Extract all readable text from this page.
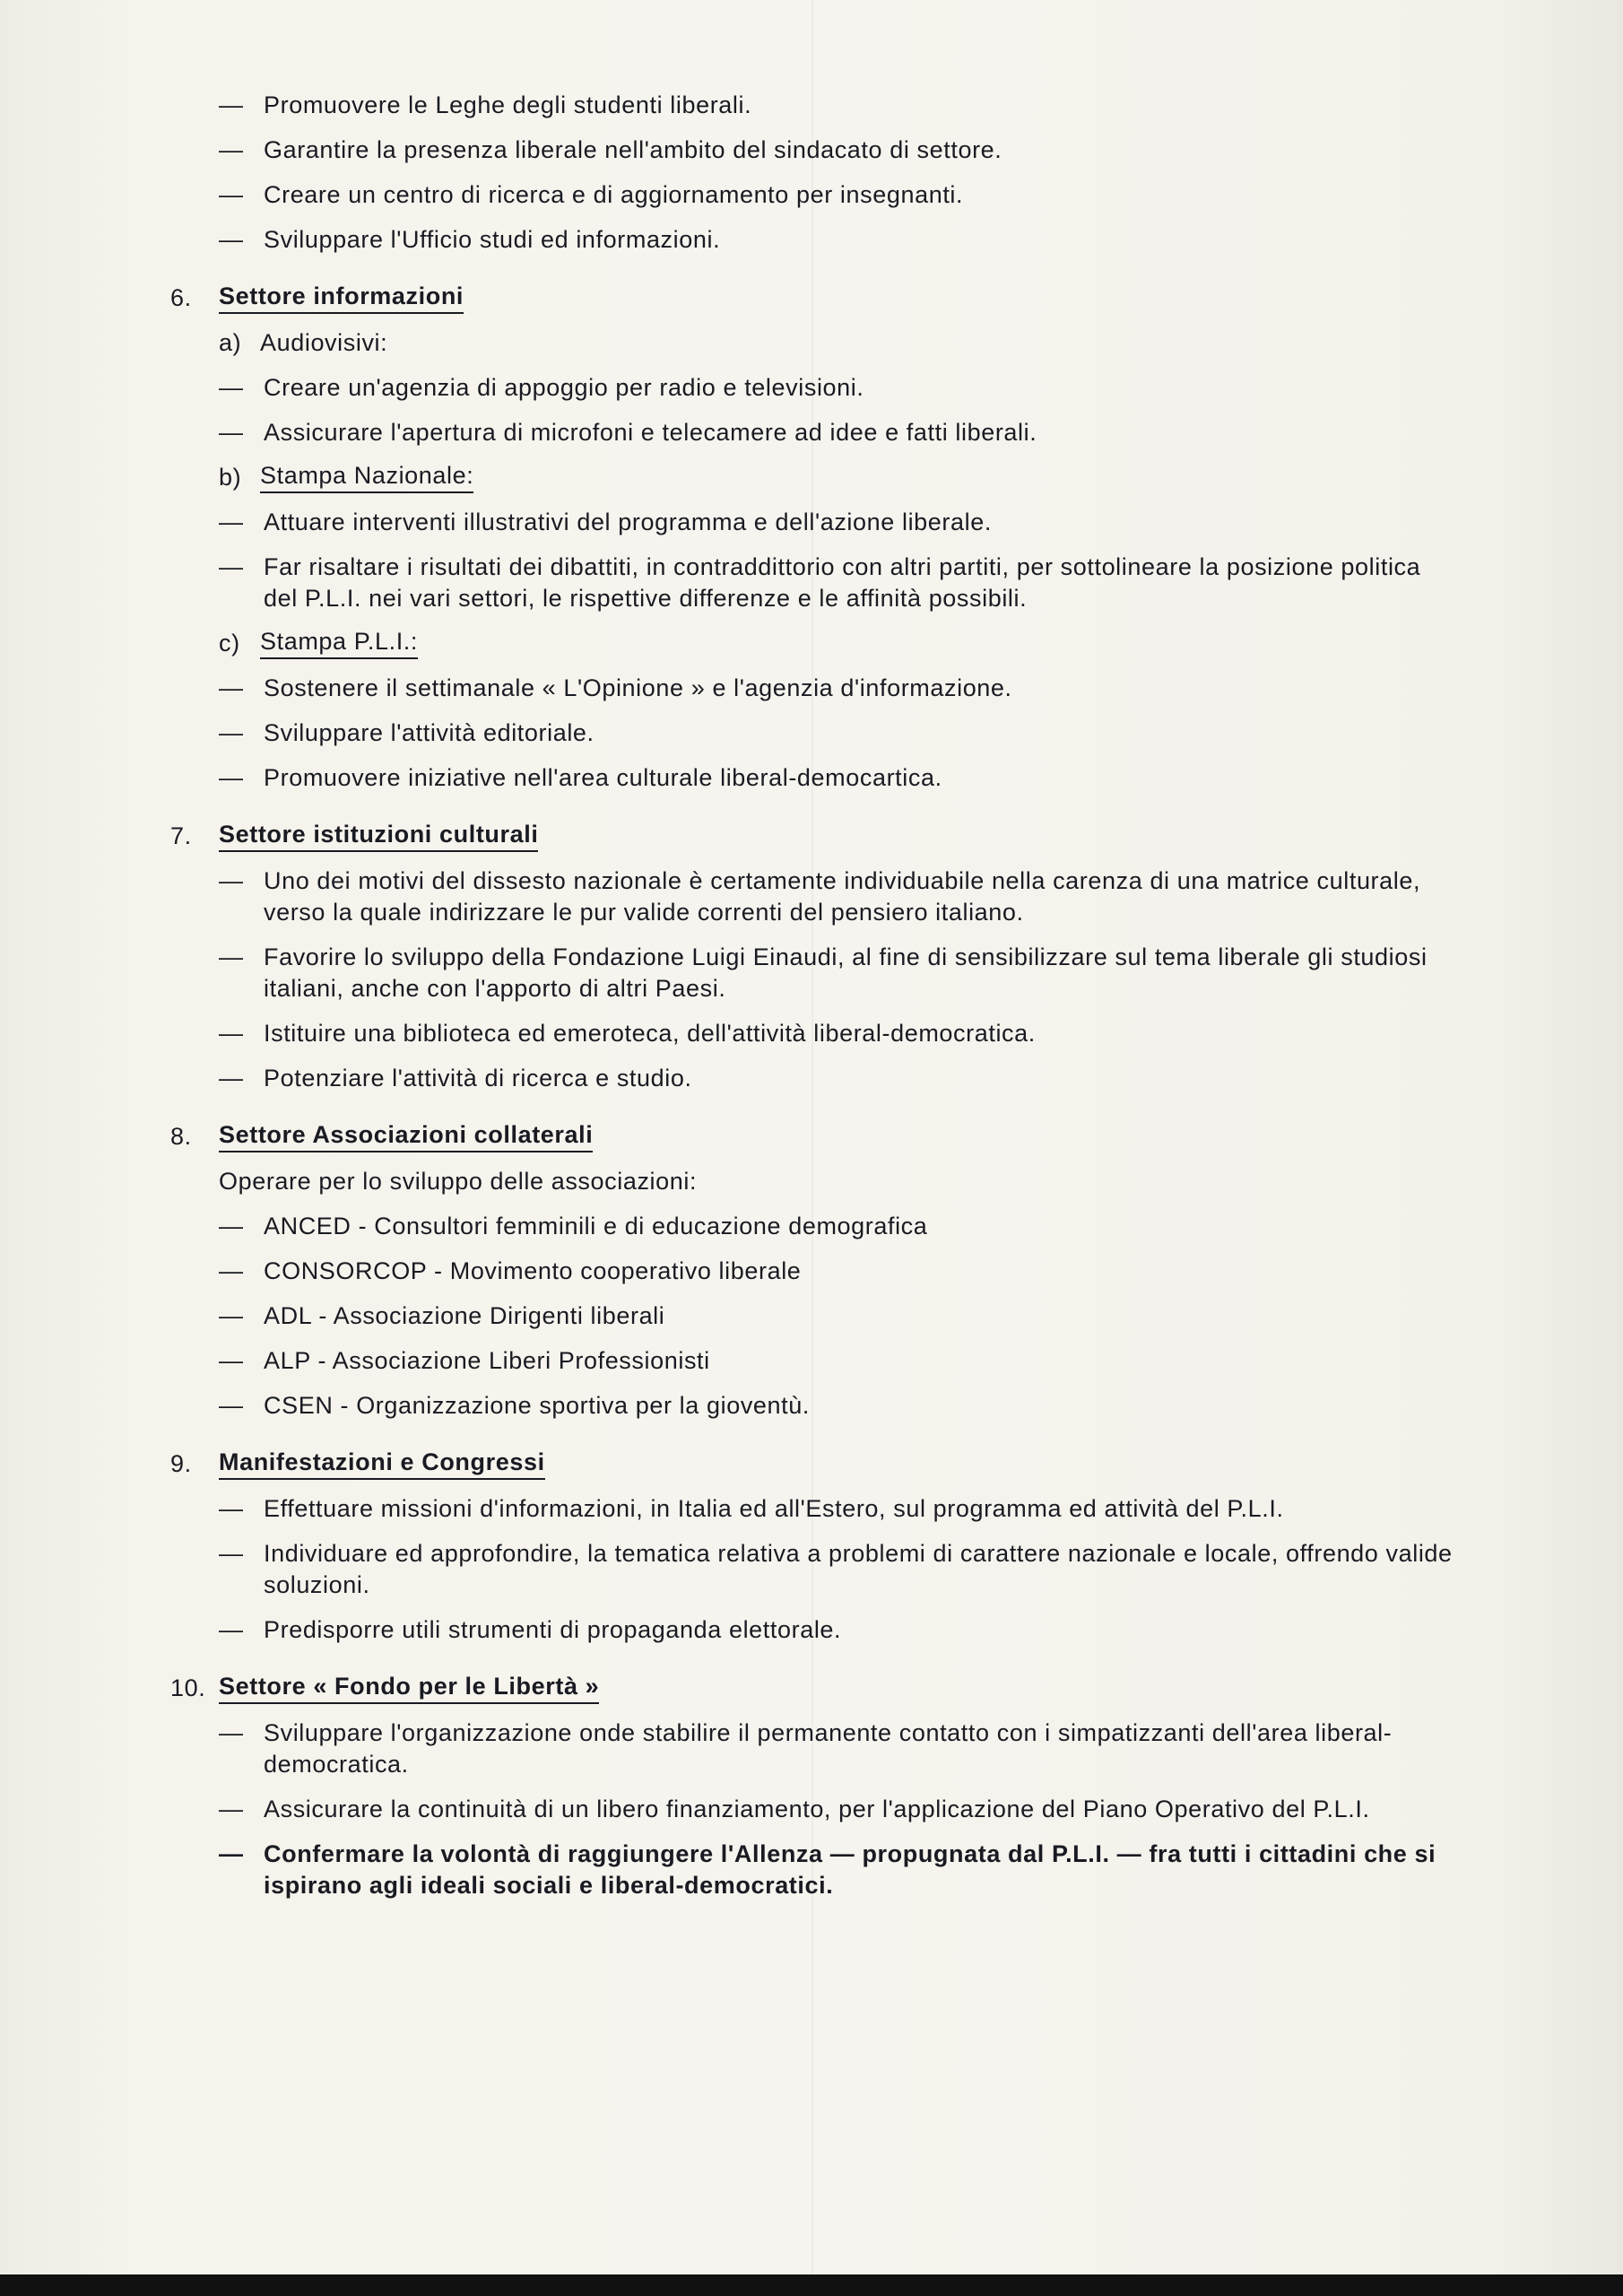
— Promuovere le Leghe degli studenti liberali.
— Garantire la presenza liberale nell'ambito del sindacato di settore.
— Creare un centro di ricerca e di aggiornamento per insegnanti.
— Sviluppare l'Ufficio studi ed informazioni.
6.	Settore informazioni
a) Audiovisivi:
— Creare un'agenzia di appoggio per radio e televisioni.
— Assicurare l'apertura di microfoni e telecamere ad idee e fatti liberali.
b) Stampa Nazionale:
— Attuare interventi illustrativi del programma e dell'azione liberale.
— Far risaltare i risultati dei dibattiti, in contraddittorio con altri partiti, per sottolineare la posizione politica del P.L.I. nei vari settori, le rispettive differenze e le affinità possibili.
c) Stampa P.L.I.:
— Sostenere il settimanale « L'Opinione » e l'agenzia d'informazione.
— Sviluppare l'attività editoriale.
— Promuovere iniziative nell'area culturale liberal-democartica.
7.	Settore istituzioni culturali
— Uno dei motivi del dissesto nazionale è certamente individuabile nella carenza di una matrice culturale, verso la quale indirizzare le pur valide correnti del pensiero italiano.
— Favorire lo sviluppo della Fondazione Luigi Einaudi, al fine di sensibilizzare sul tema liberale gli studiosi italiani, anche con l'apporto di altri Paesi.
— Istituire una biblioteca ed emeroteca, dell'attività liberal-democratica.
— Potenziare l'attività di ricerca e studio.
8.	Settore Associazioni collaterali
Operare per lo sviluppo delle associazioni:
— ANCED - Consultori femminili e di educazione demografica
— CONSORCOP - Movimento cooperativo liberale
— ADL - Associazione Dirigenti liberali
— ALP - Associazione Liberi Professionisti
— CSEN - Organizzazione sportiva per la gioventù.
9.	Manifestazioni e Congressi
— Effettuare missioni d'informazioni, in Italia ed all'Estero, sul programma ed attività del P.L.I.
— Individuare ed approfondire, la tematica relativa a problemi di carattere nazionale e locale, offrendo valide soluzioni.
— Predisporre utili strumenti di propaganda elettorale.
10. Settore « Fondo per le Libertà »
— Sviluppare l'organizzazione onde stabilire il permanente contatto con i simpatizzanti dell'area liberal-democratica.
— Assicurare la continuità di un libero finanziamento, per l'applicazione del Piano Operativo del P.L.I.
— Confermare la volontà di raggiungere l'Allenza — propugnata dal P.L.I. — fra tutti i cittadini che si ispirano agli ideali sociali e liberal-democratici.
